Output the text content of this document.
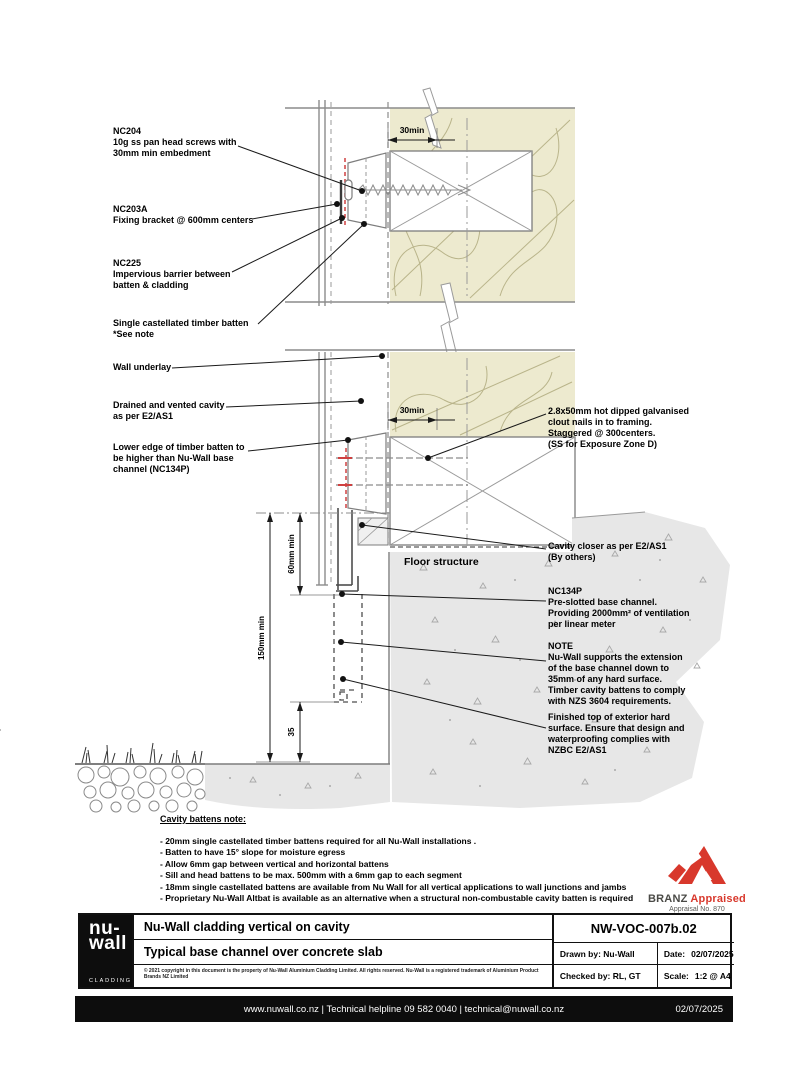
30min
30min
60mm min
150mm min
35
NC204
10g ss pan head screws with
30mm min embedment
NC203A
Fixing bracket @ 600mm centers
NC225
Impervious barrier between
batten & cladding
Single castellated timber batten
*See note
Wall underlay
Drained and vented cavity
as per E2/AS1
Lower edge of timber batten to
be higher than Nu-Wall base
channel (NC134P)
2.8x50mm hot dipped galvanised
clout nails in to framing.
Staggered @ 300centers.
(SS for Exposure Zone D)
Cavity closer as per E2/AS1
(By others)
NC134P
Pre-slotted base channel.
Providing 2000mm² of ventilation
per linear meter
NOTE
Nu-Wall supports the extension
of the base channel down to
35mm of any hard surface.
Timber cavity battens to comply
with NZS 3604 requirements.
Finished top of exterior hard
surface. Ensure that design and
waterproofing complies with
NZBC E2/AS1
Floor structure
Cavity battens note:
- 20mm single castellated timber battens required for all Nu-Wall installations .
- Batten to have 15° slope for moisture egress
- Allow 6mm gap between vertical and horizontal battens
- Sill and head battens to be max. 500mm with a 6mm gap to each segment
- 18mm single castellated battens are available from Nu Wall for all vertical applications to wall junctions and jambs
- Proprietary Nu-Wall Altbat is available as an alternative when a structural non-combustable cavity batten is required	BRANZ Appraised
Appraisal No. 870
nu-
wall
CLADDING
Nu-Wall cladding vertical on cavity
Typical base channel over concrete slab
© 2021 copyright in this document is the property of Nu-Wall Aluminium Cladding Limited. All rights reserved. Nu-Wall is a registered trademark of Aluminium Product Brands NZ Limited
NW-VOC-007b.02
Drawn by: Nu-Wall	Date: 02/07/2025
Checked by: RL, GT	Scale: 1:2 @ A4
www.nuwall.co.nz | Technical helpline 09 582 0040 | technical@nuwall.co.nz	02/07/2025
